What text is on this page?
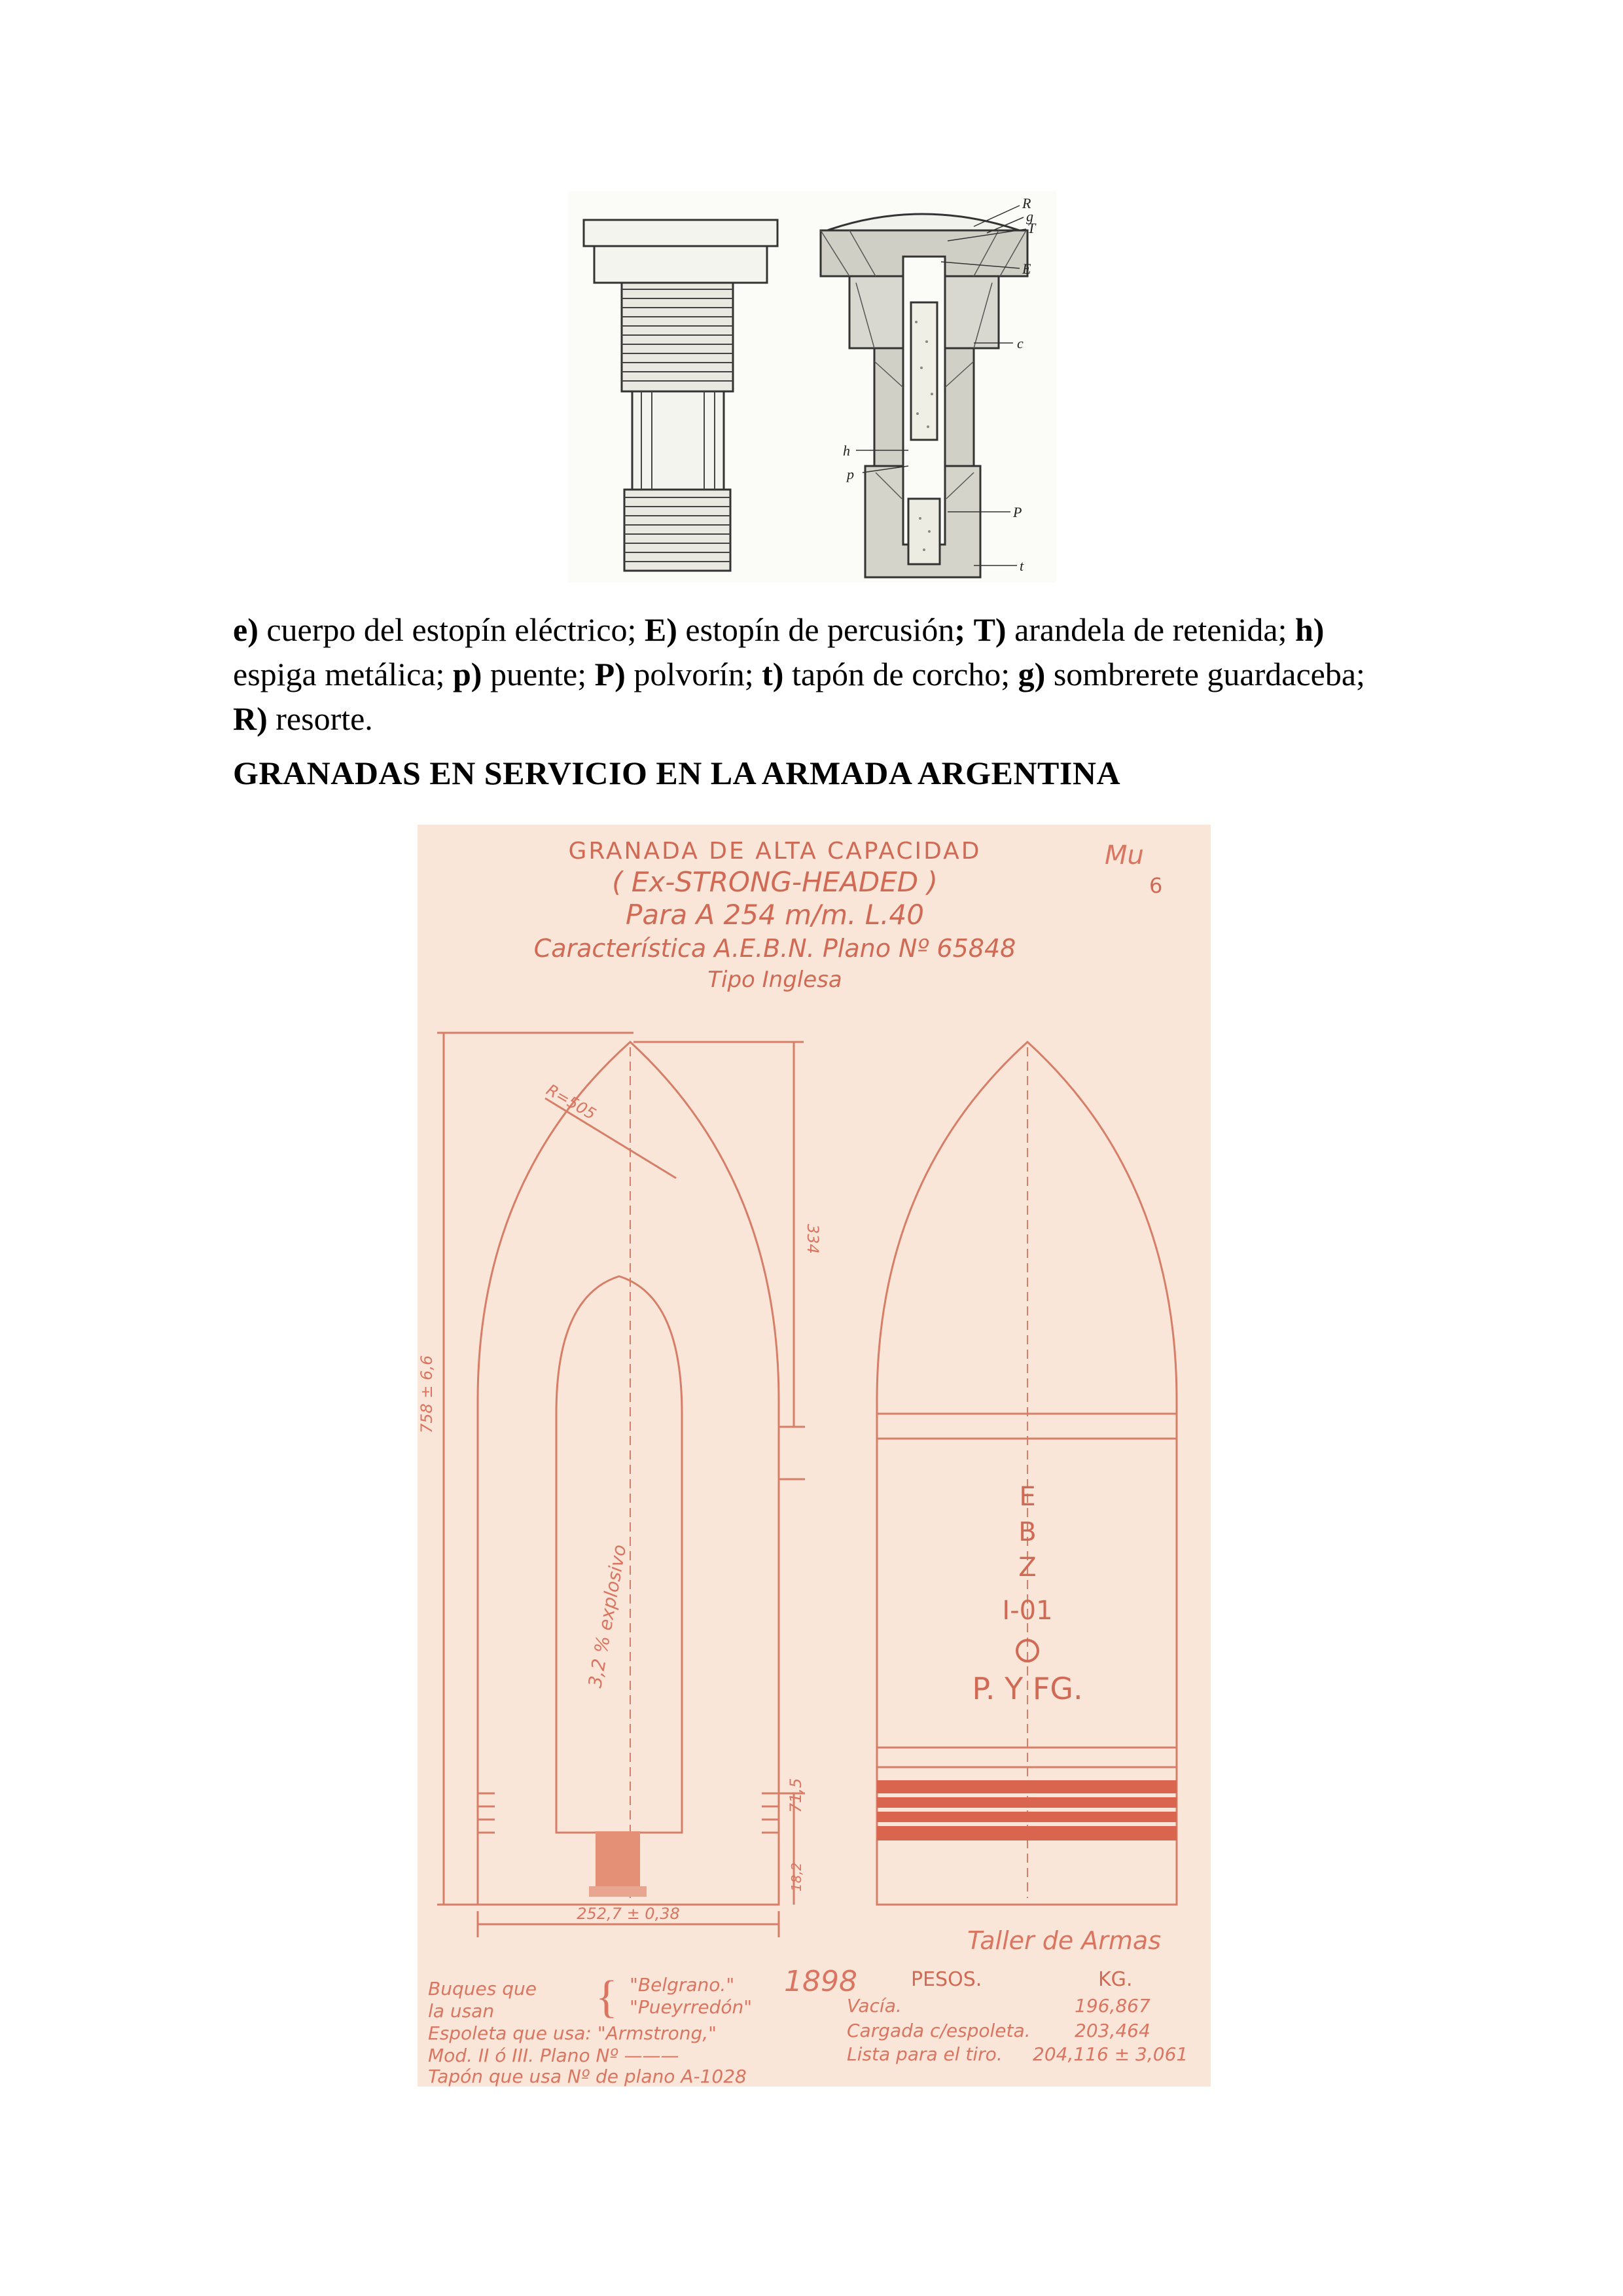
R
g
T
E
c
h
p
P
t
e) cuerpo del estopín eléctrico; E) estopín de percusión; T) arandela de retenida; h) espiga metálica; p) puente; P) polvorín; t) tapón de corcho; g) sombrerete guardaceba; R) resorte.
GRANADAS EN SERVICIO EN LA ARMADA ARGENTINA
GRANADA DE ALTA CAPACIDAD
( Ex-STRONG-HEADED )
Para A 254 m/m. L.40
Característica A.E.B.N. Plano Nº 65848
Tipo Inglesa
Mu
6
R=505
334
758 ± 6,6
3,2 % explosivo
71,5
18,2
252,7 ± 0,38
E
B
Z
I-01
P. Y FG.
Taller de Armas
1898
Buques que
la usan
"Belgrano."
"Pueyrredón"
Espoleta que usa: "Armstrong,"
Mod. II ó III. Plano Nº ———
Tapón que usa Nº de plano A-1028
{	PESOS.	KG.
Vacía.	196,867
Cargada c/espoleta. 203,464
Lista para el tiro. 204,116 ± 3,061
